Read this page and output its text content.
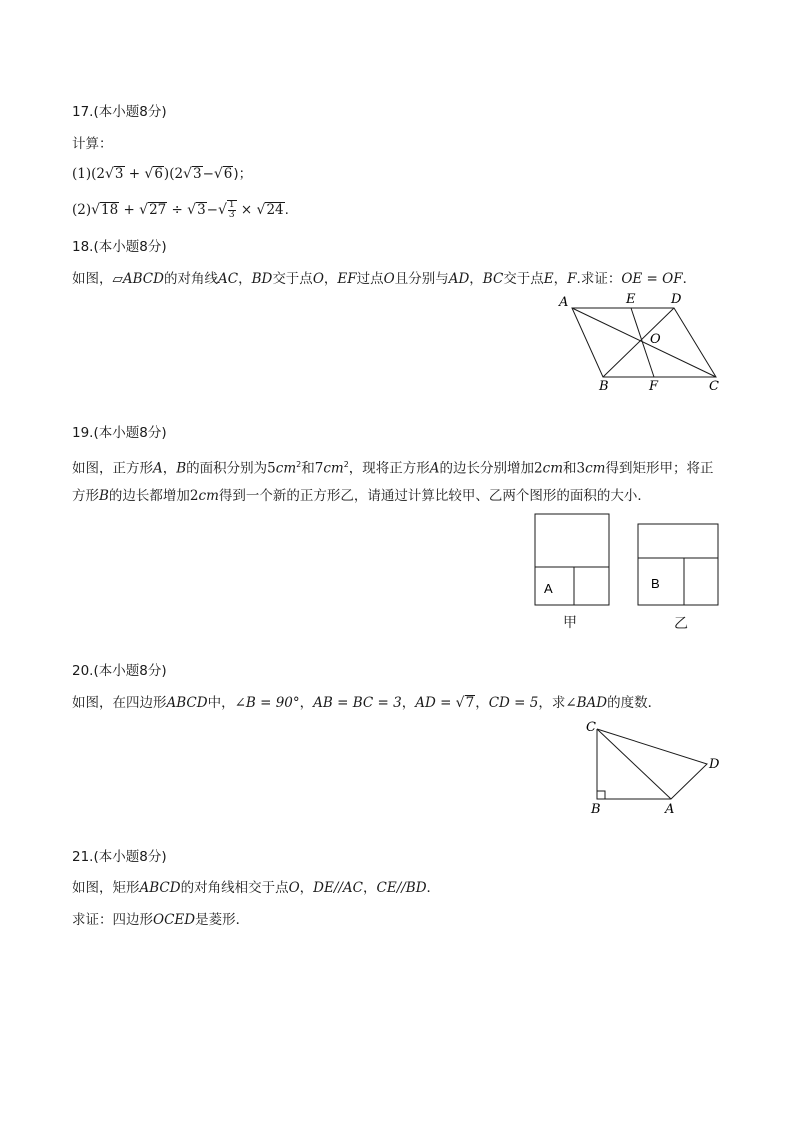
17.(本小题8分)
计算：
(1)(2√3 + √6)(2√3−√6)；
$(2)√18 + √27 \div √3-√ \frac{1}{3} \times √24$.
18.(本小题8分)
如图，▱ABCD的对角线AC，BD交于点O，EF过点O且分别与AD，BC交于点E，F.求证：OE = OF．
A	E	D
O
B	F	C
19.(本小题8分)
如图，正方形A，B的面积分别为$5cm^2$和$7cm^2$，现将正方形A的边长分别增加2cm和3cm得到矩形甲；将正
方形B的边长都增加2cm得到一个新的正方形乙，请通过计算比较甲、乙两个图形的面积的大小．
A	B
甲	乙
20.(本小题8分)
如图，在四边形ABCD中，∠B = 90°，AB = BC = 3，AD = √7，CD = 5，求∠BAD的度数．
C
D
B	A
21.(本小题8分)
如图，矩形ABCD的对角线相交于点O，DE//AC，CE//BD．
求证：四边形OCED是菱形．
